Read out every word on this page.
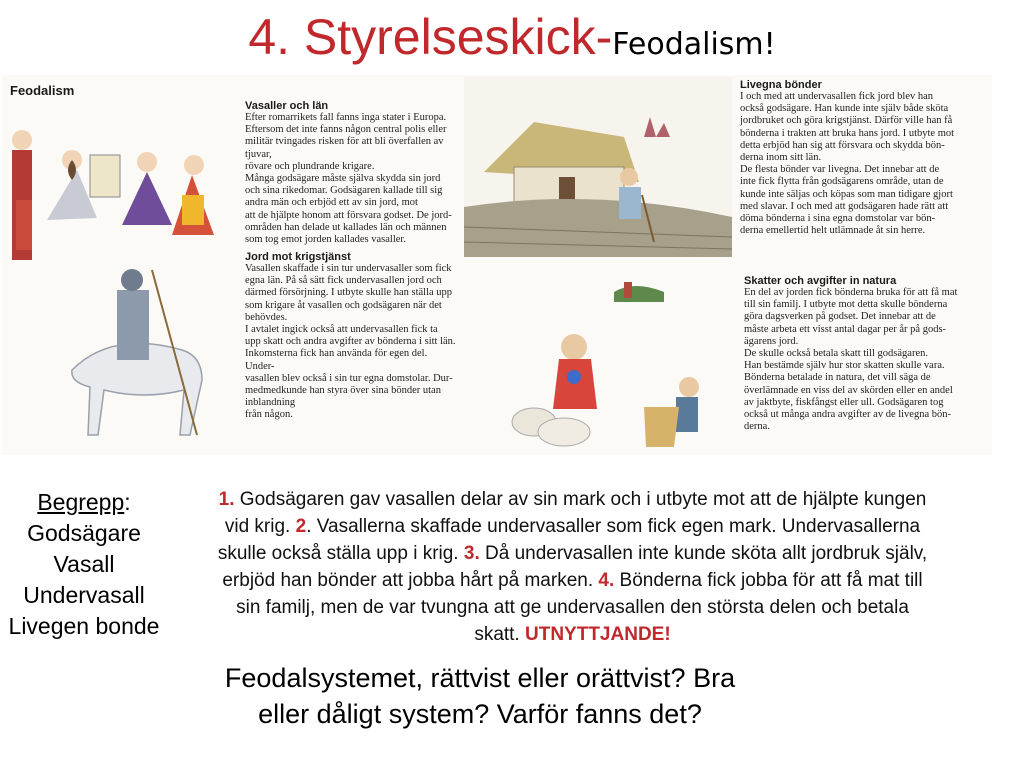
4. Styrelseskick-Feodalism!
Feodalism
Vasaller och län
Efter romarrikets fall fanns inga stater i Europa.
Eftersom det inte fanns någon central polis eller
militär tvingades risken för att bli överfallen av tjuvar,
rövare och plundrande krigare.
Många godsägare måste själva skydda sin jord
och sina rikedomar. Godsägaren kallade till sig
andra män och erbjöd ett av sin jord, mot
att de hjälpte honom att försvara godset. De jord-
områden han delade ut kallades län och männen
som tog emot jorden kallades vasaller.
Jord mot krigstjänst
Vasallen skaffade i sin tur undervasaller som fick
egna län. På så sätt fick undervasallen jord och
därmed försörjning. I utbyte skulle han ställa upp
som krigare åt vasallen och godsägaren när det
behövdes.
I avtalet ingick också att undervasallen fick ta
upp skatt och andra avgifter av bönderna i sitt län.
Inkomsterna fick han använda för egen del. Under-
vasallen blev också i sin tur egna domstolar. Dur-
medmedkunde han styra över sina bönder utan inblandning
från någon.
Livegna bönder
I och med att undervasallen fick jord blev han
också godsägare. Han kunde inte själv både sköta
jordbruket och göra krigstjänst. Därför ville han få
bönderna i trakten att bruka hans jord. I utbyte mot
detta erbjöd han sig att försvara och skydda bön-
derna inom sitt län.
De flesta bönder var livegna. Det innebar att de
inte fick flytta från godsägarens område, utan de
kunde inte säljas och köpas som man tidigare gjort
med slavar. I och med att godsägaren hade rätt att
döma bönderna i sina egna domstolar var bön-
derna emellertid helt utlämnade åt sin herre.
Skatter och avgifter in natura
En del av jorden fick bönderna bruka för att få mat
till sin familj. I utbyte mot detta skulle bönderna
göra dagsverken på godset. Det innebar att de
måste arbeta ett visst antal dagar per år på gods-
ägarens jord.
De skulle också betala skatt till godsägaren.
Han bestämde själv hur stor skatten skulle vara.
Bönderna betalade in natura, det vill säga de
överlämnade en viss del av skörden eller en andel
av jaktbyte, fiskfångst eller ull. Godsägaren tog
också ut många andra avgifter av de livegna bön-
derna.
Begrepp:
Godsägare
Vasall
Undervasall
Livegen bonde
1. Godsägaren gav vasallen delar av sin mark och i utbyte mot att de hjälpte kungen vid krig. 2. Vasallerna skaffade undervasaller som fick egen mark. Undervasallerna skulle också ställa upp i krig. 3. Då undervasallen inte kunde sköta allt jordbruk själv, erbjöd han bönder att jobba hårt på marken. 4. Bönderna fick jobba för att få mat till sin familj, men de var tvungna att ge undervasallen den största delen och betala skatt. UTNYTTJANDE!
Feodalsystemet, rättvist eller orättvist? Bra
eller dåligt system? Varför fanns det?
